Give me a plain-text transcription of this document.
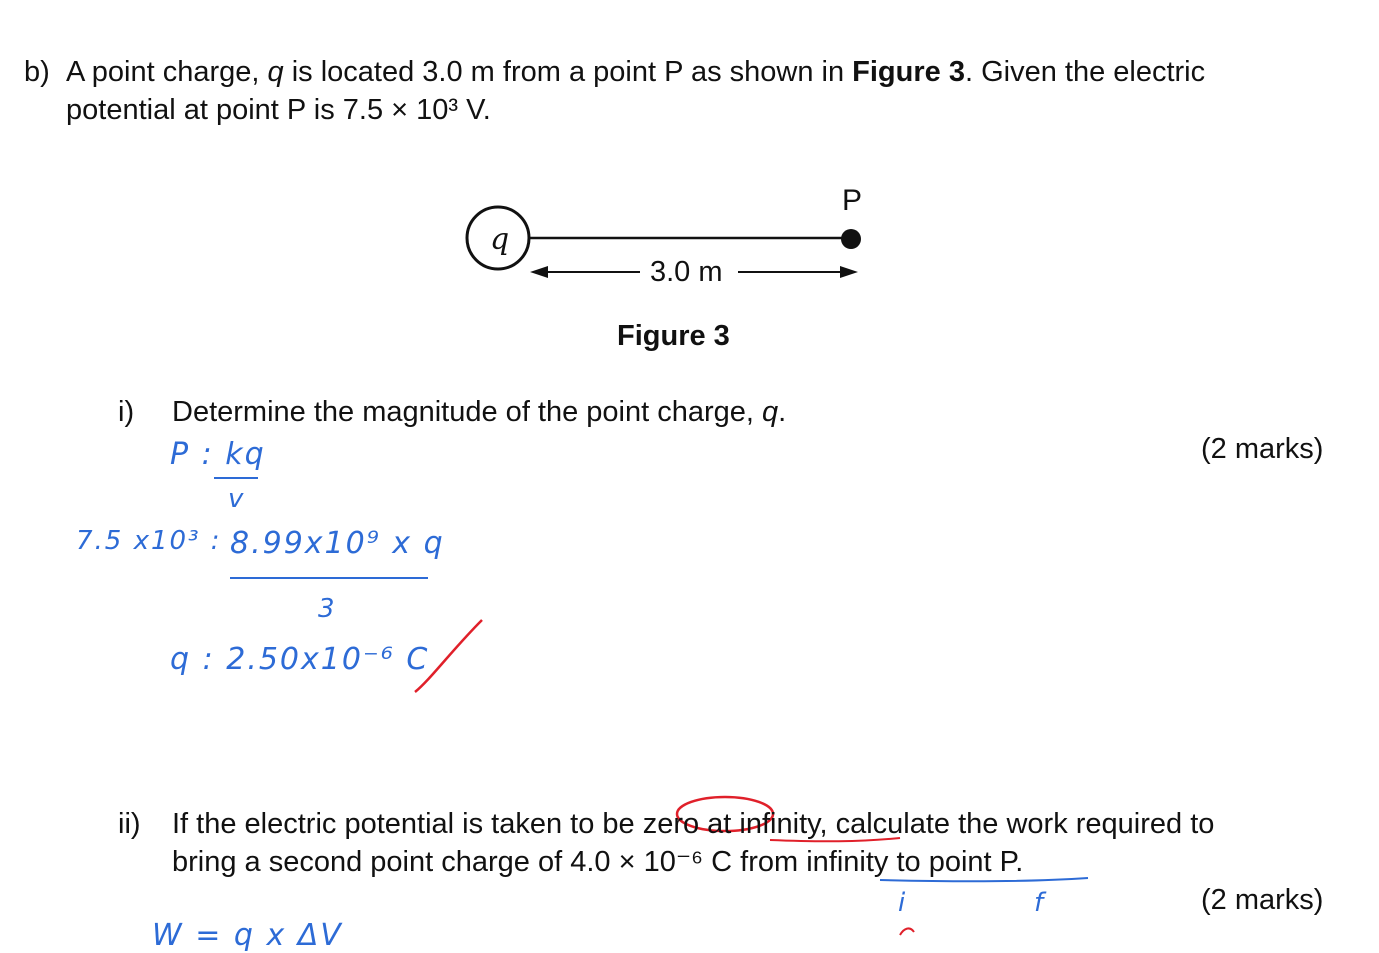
b) A point charge, q is located 3.0 m from a point P as shown in Figure 3. Given the electric
potential at point P is 7.5 × 10³ V.
q
P
3.0 m
Figure 3
i) Determine the magnitude of the point charge, q.
(2 marks)
P : kq
v
7.5 x10³ : 8.99x10⁹ x q
3
q : 2.50x10⁻⁶ C
ii) If the electric potential is taken to be zero at infinity, calculate the work required to
bring a second point charge of 4.0 × 10⁻⁶ C from infinity to point P.
(2 marks)
i	f
W = q x ΔV
